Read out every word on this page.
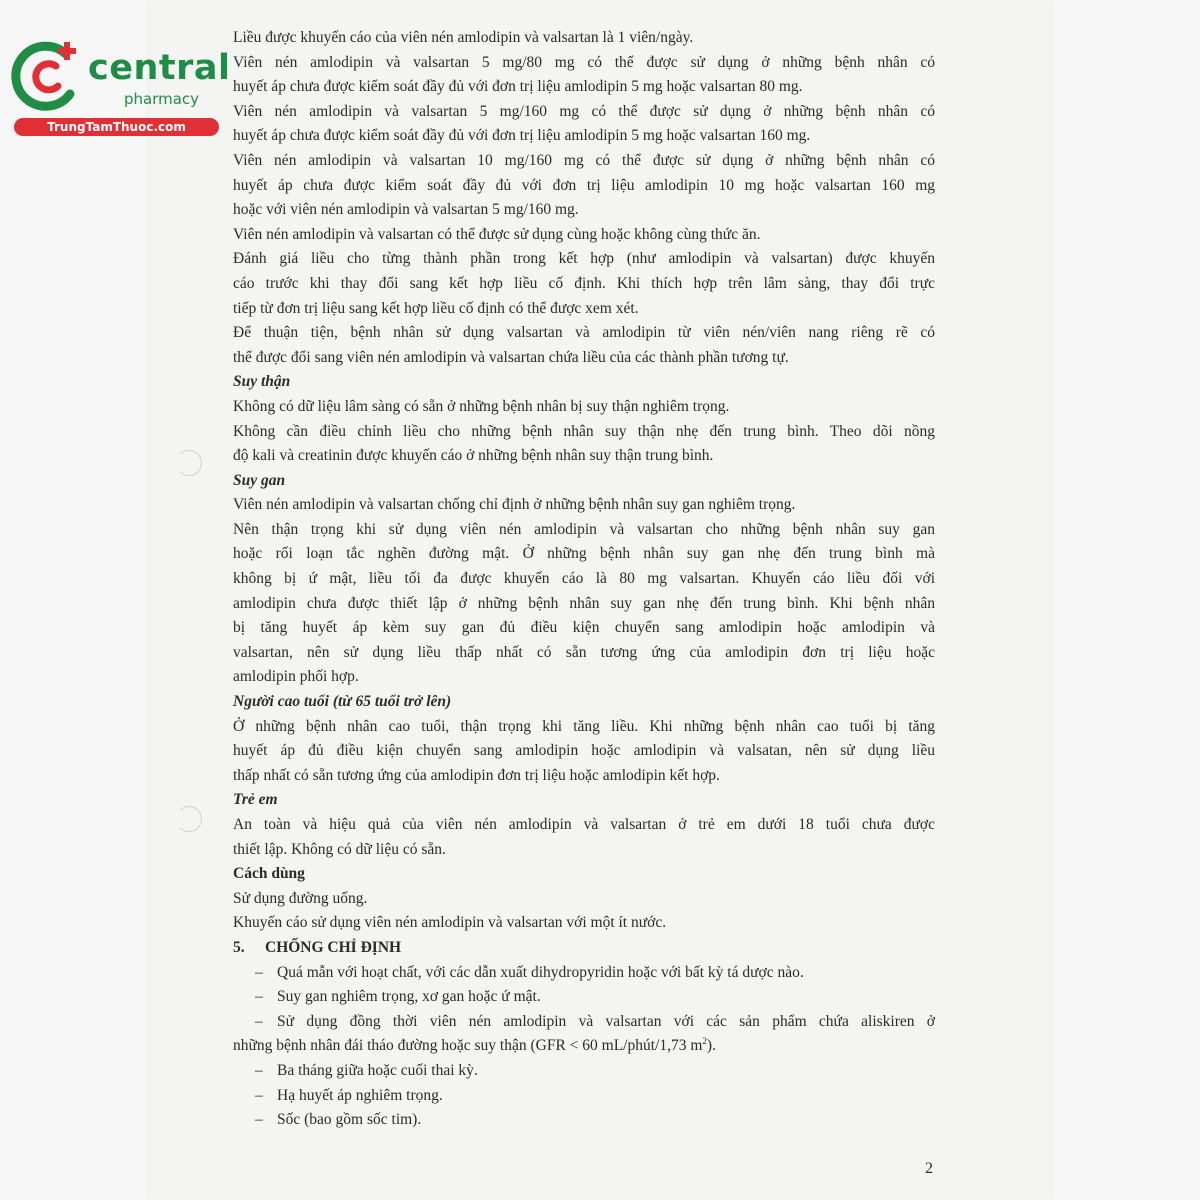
central
pharmacy
TrungTamThuoc.com
Liều được khuyến cáo của viên nén amlodipin và valsartan là 1 viên/ngày.
Viên nén amlodipin và valsartan 5 mg/80 mg có thể được sử dụng ở những bệnh nhân có
huyết áp chưa được kiểm soát đầy đủ với đơn trị liệu amlodipin 5 mg hoặc valsartan 80 mg.
Viên nén amlodipin và valsartan 5 mg/160 mg có thể được sử dụng ở những bệnh nhân có
huyết áp chưa được kiểm soát đầy đủ với đơn trị liệu amlodipin 5 mg hoặc valsartan 160 mg.
Viên nén amlodipin và valsartan 10 mg/160 mg có thể được sử dụng ở những bệnh nhân có
huyết áp chưa được kiểm soát đầy đủ với đơn trị liệu amlodipin 10 mg hoặc valsartan 160 mg
hoặc với viên nén amlodipin và valsartan 5 mg/160 mg.
Viên nén amlodipin và valsartan có thể được sử dụng cùng hoặc không cùng thức ăn.
Đánh giá liều cho từng thành phần trong kết hợp (như amlodipin và valsartan) được khuyến
cáo trước khi thay đổi sang kết hợp liều cố định. Khi thích hợp trên lâm sàng, thay đổi trực
tiếp từ đơn trị liệu sang kết hợp liều cố định có thể được xem xét.
Để thuận tiện, bệnh nhân sử dụng valsartan và amlodipin từ viên nén/viên nang riêng rẽ có
thể được đổi sang viên nén amlodipin và valsartan chứa liều của các thành phần tương tự.
Suy thận
Không có dữ liệu lâm sàng có sẵn ở những bệnh nhân bị suy thận nghiêm trọng.
Không cần điều chỉnh liều cho những bệnh nhân suy thận nhẹ đến trung bình. Theo dõi nồng
độ kali và creatinin được khuyến cáo ở những bệnh nhân suy thận trung bình.
Suy gan
Viên nén amlodipin và valsartan chống chỉ định ở những bệnh nhân suy gan nghiêm trọng.
Nên thận trọng khi sử dụng viên nén amlodipin và valsartan cho những bệnh nhân suy gan
hoặc rối loạn tắc nghẽn đường mật. Ở những bệnh nhân suy gan nhẹ đến trung bình mà
không bị ứ mật, liều tối đa được khuyến cáo là 80 mg valsartan. Khuyến cáo liều đối với
amlodipin chưa được thiết lập ở những bệnh nhân suy gan nhẹ đến trung bình. Khi bệnh nhân
bị tăng huyết áp kèm suy gan đủ điều kiện chuyển sang amlodipin hoặc amlodipin và
valsartan, nên sử dụng liều thấp nhất có sẵn tương ứng của amlodipin đơn trị liệu hoặc
amlodipin phối hợp.
Người cao tuổi (từ 65 tuổi trở lên)
Ở những bệnh nhân cao tuổi, thận trọng khi tăng liều. Khi những bệnh nhân cao tuổi bị tăng
huyết áp đủ điều kiện chuyển sang amlodipin hoặc amlodipin và valsatan, nên sử dụng liều
thấp nhất có sẵn tương ứng của amlodipin đơn trị liệu hoặc amlodipin kết hợp.
Trẻ em
An toàn và hiệu quả của viên nén amlodipin và valsartan ở trẻ em dưới 18 tuổi chưa được
thiết lập. Không có dữ liệu có sẵn.
Cách dùng
Sử dụng đường uống.
Khuyến cáo sử dụng viên nén amlodipin và valsartan với một ít nước.
5. CHỐNG CHỈ ĐỊNH
– Quá mẫn với hoạt chất, với các dẫn xuất dihydropyridin hoặc với bất kỳ tá dược nào.
– Suy gan nghiêm trọng, xơ gan hoặc ứ mật.
– Sử dụng đồng thời viên nén amlodipin và valsartan với các sản phẩm chứa aliskiren ở
những bệnh nhân đái tháo đường hoặc suy thận (GFR < 60 mL/phút/1,73 $m^2$).
– Ba tháng giữa hoặc cuối thai kỳ.
– Hạ huyết áp nghiêm trọng.
– Sốc (bao gồm sốc tim).
2
